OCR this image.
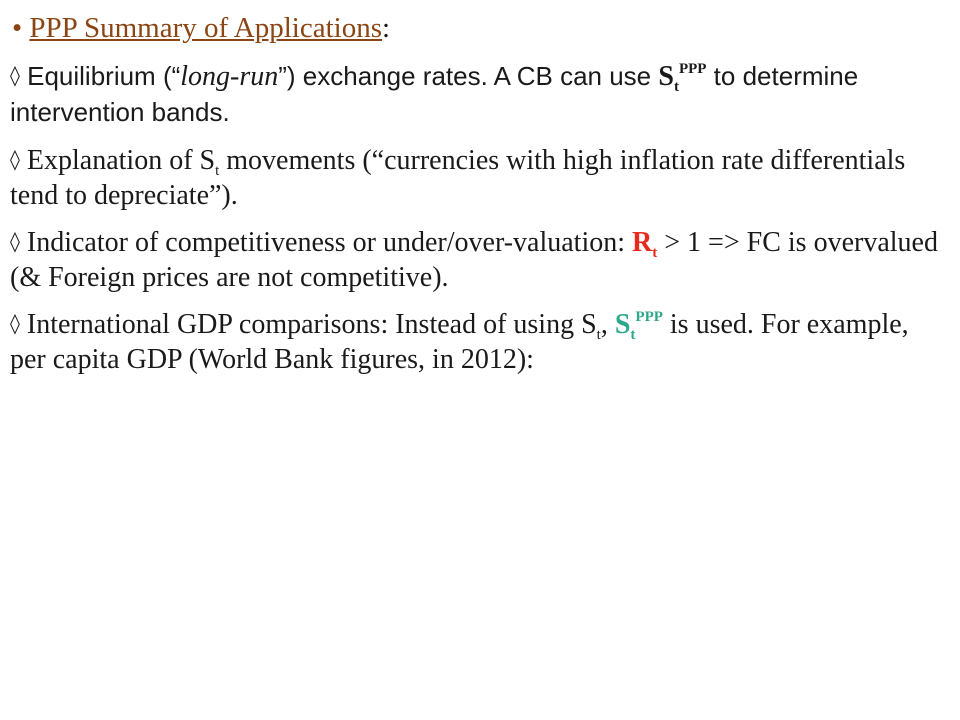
• PPP Summary of Applications:
◊ Equilibrium (“long-run”) exchange rates. A CB can use $S_t^{PPP}$ to determine intervention bands.
◊ Explanation of $S_t$ movements (“currencies with high inflation rate differentials tend to depreciate”).
◊ Indicator of competitiveness or under/over-valuation: $R_t > 1$ => FC is overvalued (& Foreign prices are not competitive).
◊ International GDP comparisons: Instead of using $S_t$, $S_t^{PPP}$ is used. For example, per capita GDP (World Bank figures, in 2012):
